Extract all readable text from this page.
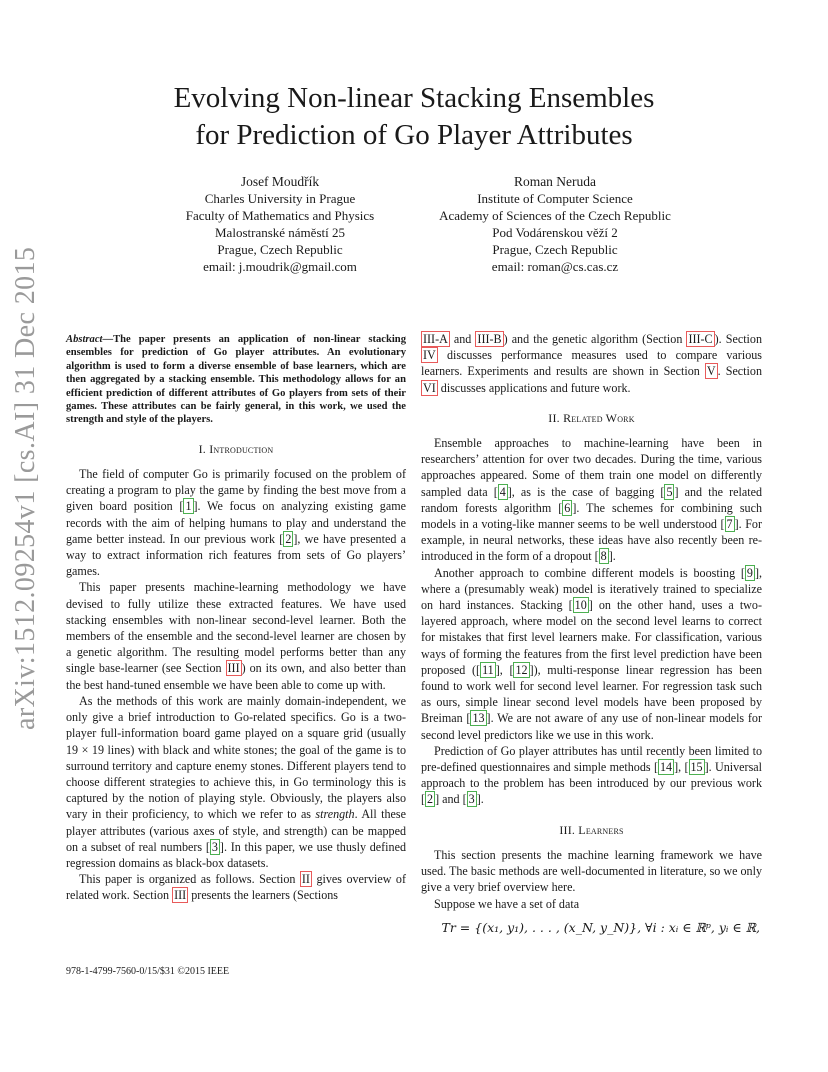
Evolving Non-linear Stacking Ensembles
for Prediction of Go Player Attributes
Josef Moudřík
Charles University in Prague
Faculty of Mathematics and Physics
Malostranské náměstí 25
Prague, Czech Republic
email: j.moudrik@gmail.com
Roman Neruda
Institute of Computer Science
Academy of Sciences of the Czech Republic
Pod Vodárenskou věží 2
Prague, Czech Republic
email: roman@cs.cas.cz
arXiv:1512.09254v1 [cs.AI] 31 Dec 2015 Abstract—The paper presents an application of non-linear stacking ensembles for prediction of Go player attributes. An evolutionary algorithm is used to form a diverse ensemble of base learners, which are then aggregated by a stacking ensemble. This methodology allows for an efficient prediction of different attributes of Go players from sets of their games. These attributes can be fairly general, in this work, we used the strength and style of the players.
I. Introduction

The field of computer Go is primarily focused on the problem of creating a program to play the game by finding the best move from a given board position [ 1 ]. We focus on analyzing existing game records with the aim of helping humans to play and understand the game better instead. In our previous work [ 2 ], we have presented a way to extract information rich features from sets of Go players’ games.

This paper presents machine-learning methodology we have devised to fully utilize these extracted features. We have used stacking ensembles with non-linear second-level learner. Both the members of the ensemble and the second-level learner are chosen by a genetic algorithm. The resulting model performs better than any single base-learner (see Section III ) on its own, and also better than the best hand-tuned ensemble we have been able to come up with.

As the methods of this work are mainly domain-independent, we only give a brief introduction to Go-related specifics. Go is a two-player full-information board game played on a square grid (usually 19 × 19 lines) with black and white stones; the goal of the game is to surround territory and capture enemy stones. Different players tend to choose different strategies to achieve this, in Go terminology this is captured by the notion of playing style. Obviously, the players also vary in their proficiency, to which we refer to as strength. All these player attributes (various axes of style, and strength) can be mapped on a subset of real numbers [ 3 ]. In this paper, we use thusly defined regression domains as black-box datasets.

This paper is organized as follows. Section II gives overview of related work. Section III presents the learners (Sections

III-A and III-B ) and the genetic algorithm (Section III-C ). Section IV discusses performance measures used to compare various learners. Experiments and results are shown in Section V . Section VI discusses applications and future work.

II. Related Work

Ensemble approaches to machine-learning have been in researchers’ attention for over two decades. During the time, various approaches appeared. Some of them train one model on differently sampled data [ 4 ], as is the case of bagging [ 5 ] and the related random forests algorithm [ 6 ]. The schemes for combining such models in a voting-like manner seems to be well understood [ 7 ]. For example, in neural networks, these ideas have also recently been re-introduced in the form of a dropout [ 8 ].

Another approach to combine different models is boosting [ 9 ], where a (presumably weak) model is iteratively trained to specialize on hard instances. Stacking [ 10 ] on the other hand, uses a two-layered approach, where model on the second level learns to correct for mistakes that first level learners make. For classification, various ways of forming the features from the first level prediction have been proposed ([ 11 ], [ 12 ]), multi-response linear regression has been found to work well for second level learner. For regression task such as ours, simple linear second level models have been proposed by Breiman [ 13 ]. We are not aware of any use of non-linear models for second level predictors like we use in this work.

Prediction of Go player attributes has until recently been limited to pre-defined questionnaires and simple methods [ 14 ], [ 15 ]. Universal approach to the problem has been introduced by our previous work [ 2 ] and [ 3 ].

III. Learners

This section presents the machine learning framework we have used. The basic methods are well-documented in literature, so we only give a very brief overview here.

Suppose we have a set of data

Tr = {(x₁, y₁), . . . , (x_N, y_N)}, ∀i : xᵢ ∈ ℝᵖ, yᵢ ∈ ℝ,
978-1-4799-7560-0/15/$31 ©2015 IEEE
